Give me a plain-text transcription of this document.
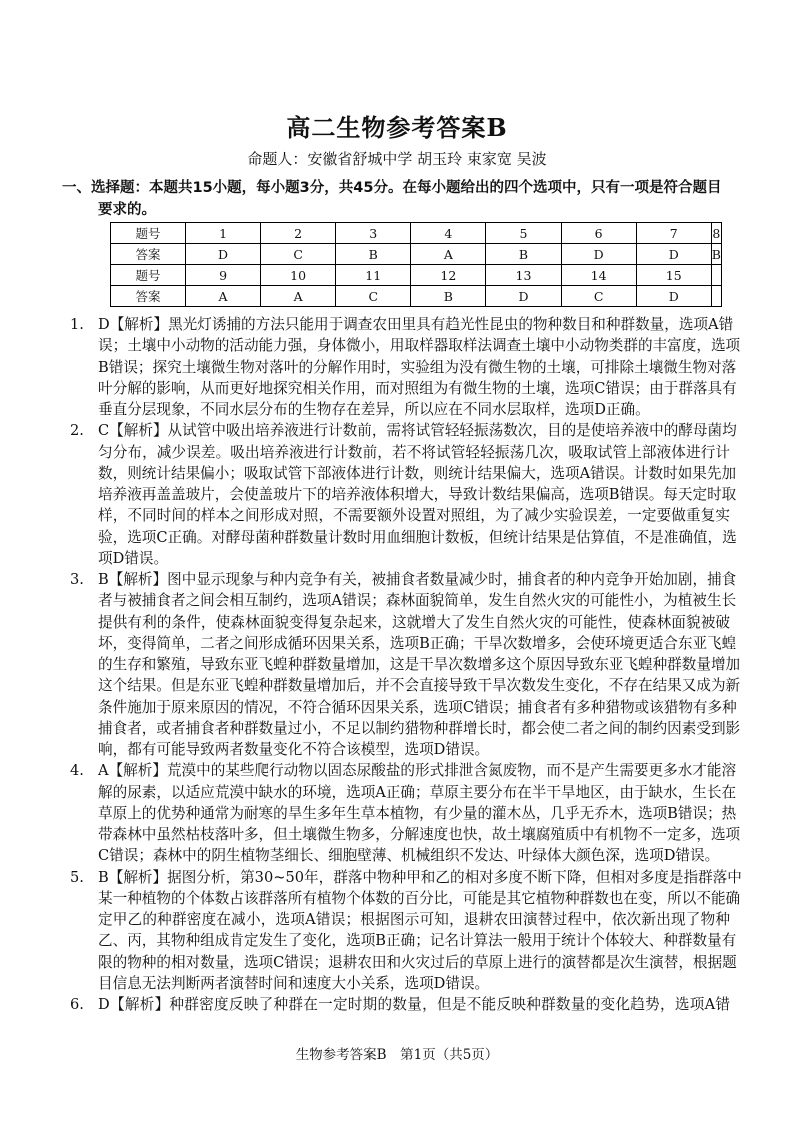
高二生物参考答案B
命题人：安徽省舒城中学 胡玉玲 束家宽 吴波
一、选择题：本题共15小题，每小题3分，共45分。在每小题给出的四个选项中，只有一项是符合题目
要求的。
题号	1	2	3	4	5	6	7	8
答案	D	C	B	A	B	D	D	B
题号	9	10	11	12	13	14	15	
答案	A	A	C	B	D	C	D	
1. D【解析】黑光灯诱捕的方法只能用于调查农田里具有趋光性昆虫的物种数目和种群数量，选项A错
误；土壤中小动物的活动能力强，身体微小，用取样器取样法调查土壤中小动物类群的丰富度，选项
B错误；探究土壤微生物对落叶的分解作用时，实验组为没有微生物的土壤，可排除土壤微生物对落
叶分解的影响，从而更好地探究相关作用，而对照组为有微生物的土壤，选项C错误；由于群落具有
垂直分层现象，不同水层分布的生物存在差异，所以应在不同水层取样，选项D正确。
2. C【解析】从试管中吸出培养液进行计数前，需将试管轻轻振荡数次，目的是使培养液中的酵母菌均
匀分布，减少误差。吸出培养液进行计数前，若不将试管轻轻振荡几次，吸取试管上部液体进行计
数，则统计结果偏小；吸取试管下部液体进行计数，则统计结果偏大，选项A错误。计数时如果先加
培养液再盖盖玻片，会使盖玻片下的培养液体积增大，导致计数结果偏高，选项B错误。每天定时取
样，不同时间的样本之间形成对照，不需要额外设置对照组，为了减少实验误差，一定要做重复实
验，选项C正确。对酵母菌种群数量计数时用血细胞计数板，但统计结果是估算值，不是准确值，选
项D错误。
3. B【解析】图中显示现象与种内竞争有关，被捕食者数量减少时，捕食者的种内竞争开始加剧，捕食
者与被捕食者之间会相互制约，选项A错误；森林面貌简单，发生自然火灾的可能性小，为植被生长
提供有利的条件，使森林面貌变得复杂起来，这就增大了发生自然火灾的可能性，使森林面貌被破
坏，变得简单，二者之间形成循环因果关系，选项B正确；干旱次数增多，会使环境更适合东亚飞蝗
的生存和繁殖，导致东亚飞蝗种群数量增加，这是干旱次数增多这个原因导致东亚飞蝗种群数量增加
这个结果。但是东亚飞蝗种群数量增加后，并不会直接导致干旱次数发生变化，不存在结果又成为新
条件施加于原来原因的情况，不符合循环因果关系，选项C错误；捕食者有多种猎物或该猎物有多种
捕食者，或者捕食者种群数量过小，不足以制约猎物种群增长时，都会使二者之间的制约因素受到影
响，都有可能导致两者数量变化不符合该模型，选项D错误。
4. A【解析】荒漠中的某些爬行动物以固态尿酸盐的形式排泄含氮废物，而不是产生需要更多水才能溶
解的尿素，以适应荒漠中缺水的环境，选项A正确；草原主要分布在半干旱地区，由于缺水，生长在
草原上的优势种通常为耐寒的旱生多年生草本植物，有少量的灌木丛，几乎无乔木，选项B错误；热
带森林中虽然枯枝落叶多，但土壤微生物多，分解速度也快，故土壤腐殖质中有机物不一定多，选项
C错误；森林中的阴生植物茎细长、细胞壁薄、机械组织不发达、叶绿体大颜色深，选项D错误。
5. B【解析】据图分析，第30~50年，群落中物种甲和乙的相对多度不断下降，但相对多度是指群落中
某一种植物的个体数占该群落所有植物个体数的百分比，可能是其它植物种群数也在变，所以不能确
定甲乙的种群密度在减小，选项A错误；根据图示可知，退耕农田演替过程中，依次新出现了物种
乙、丙，其物种组成肯定发生了变化，选项B正确；记名计算法一般用于统计个体较大、种群数量有
限的物种的相对数量，选项C错误；退耕农田和火灾过后的草原上进行的演替都是次生演替，根据题
目信息无法判断两者演替时间和速度大小关系，选项D错误。
6. D【解析】种群密度反映了种群在一定时期的数量，但是不能反映种群数量的变化趋势，选项A错
生物参考答案B　第1页（共5页）
